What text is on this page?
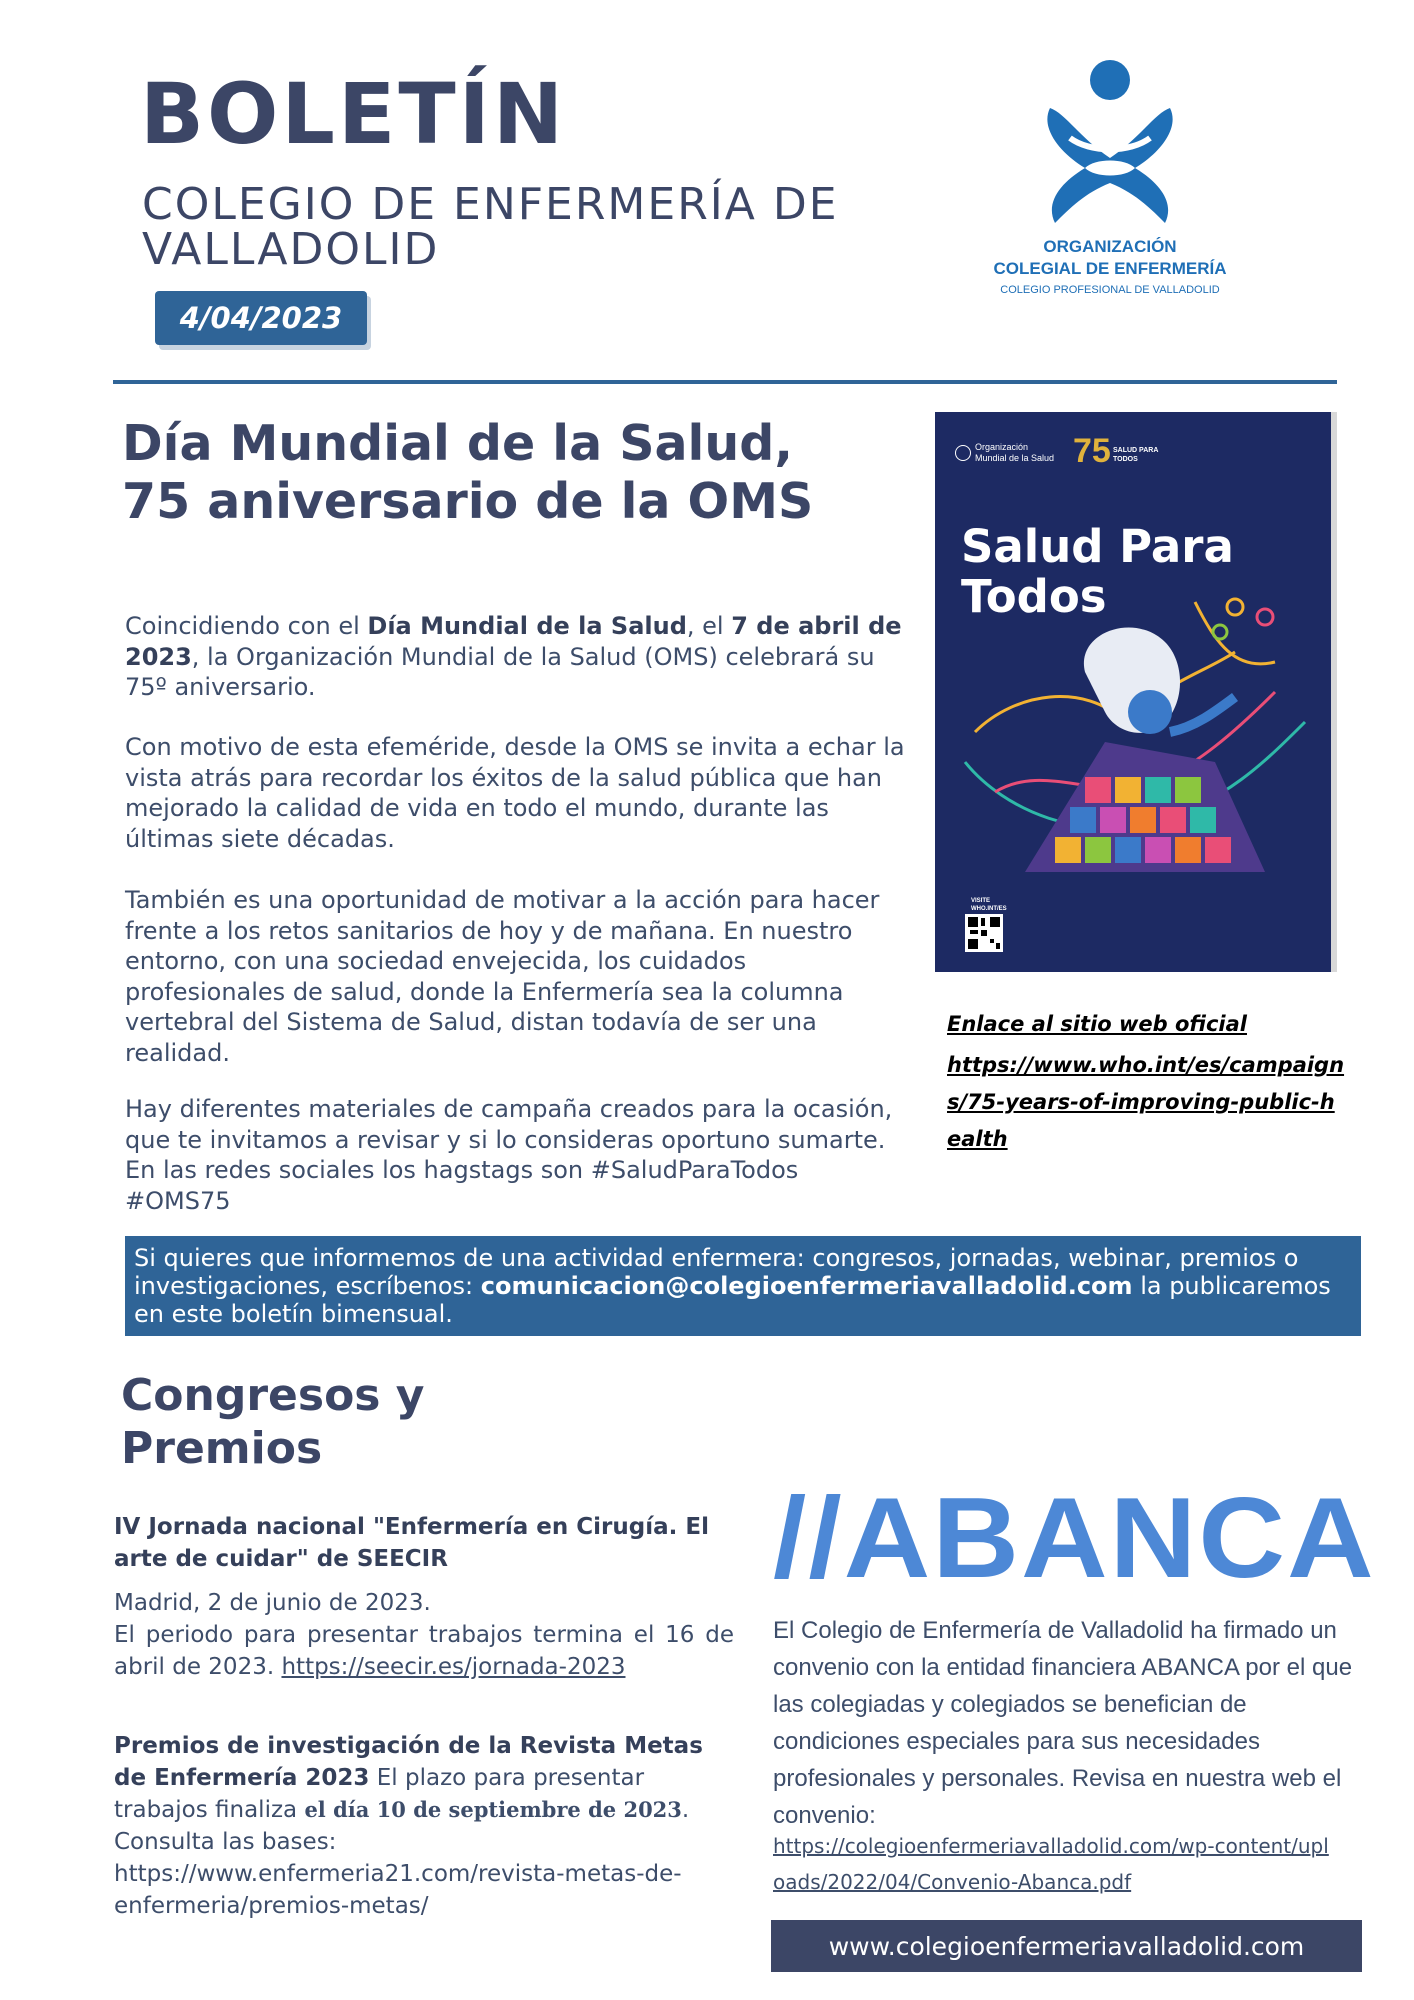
BOLETÍN
COLEGIO DE ENFERMERÍA DE
VALLADOLID
4/04/2023
ORGANIZACIÓN
COLEGIAL DE ENFERMERÍA
COLEGIO PROFESIONAL DE VALLADOLID
Día Mundial de la Salud, 75 aniversario de la OMS

Coincidiendo con el Día Mundial de la Salud, el 7 de abril de 2023, la Organización Mundial de la Salud (OMS) celebrará su 75º aniversario.

Con motivo de esta efeméride, desde la OMS se invita a echar la vista atrás para recordar los éxitos de la salud pública que han mejorado la calidad de vida en todo el mundo, durante las últimas siete décadas.

También es una oportunidad de motivar a la acción para hacer frente a los retos sanitarios de hoy y de mañana. En nuestro entorno, con una sociedad envejecida, los cuidados profesionales de salud, donde la Enfermería sea la columna vertebral del Sistema de Salud, distan todavía de ser una realidad.

Hay diferentes materiales de campaña creados para la ocasión, que te invitamos a revisar y si lo consideras oportuno sumarte. En las redes sociales los hagstags son #SaludParaTodos #OMS75

Organización Mundial de la Salud 75 SALUD PARA TODOS
Salud Para Todos
VISITE WHO.INT/ES
Enlace al sitio web oficial
https://www.who.int/es/campaigns/75-years-of-improving-public-health
Si quieres que informemos de una actividad enfermera: congresos, jornadas, webinar, premios o investigaciones, escríbenos: comunicacion@colegioenfermeriavalladolid.com la publicaremos en este boletín bimensual.
Congresos y Premios

IV Jornada nacional "Enfermería en Cirugía. El arte de cuidar" de SEECIR

Madrid, 2 de junio de 2023.

El periodo para presentar trabajos termina el 16 de abril de 2023. https://seecir.es/jornada-2023

Premios de investigación de la Revista Metas de Enfermería 2023 El plazo para presentar trabajos finaliza el día 10 de septiembre de 2023. Consulta las bases: https://www.enfermeria21.com/revista-metas-de-enfermeria/premios-metas/

//ABANCA
El Colegio de Enfermería de Valladolid ha firmado un convenio con la entidad financiera ABANCA por el que las colegiadas y colegiados se benefician de condiciones especiales para sus necesidades profesionales y personales. Revisa en nuestra web el convenio:
https://colegioenfermeriavalladolid.com/wp-content/uploads/2022/04/Convenio-Abanca.pdf
www.colegioenfermeriavalladolid.com
